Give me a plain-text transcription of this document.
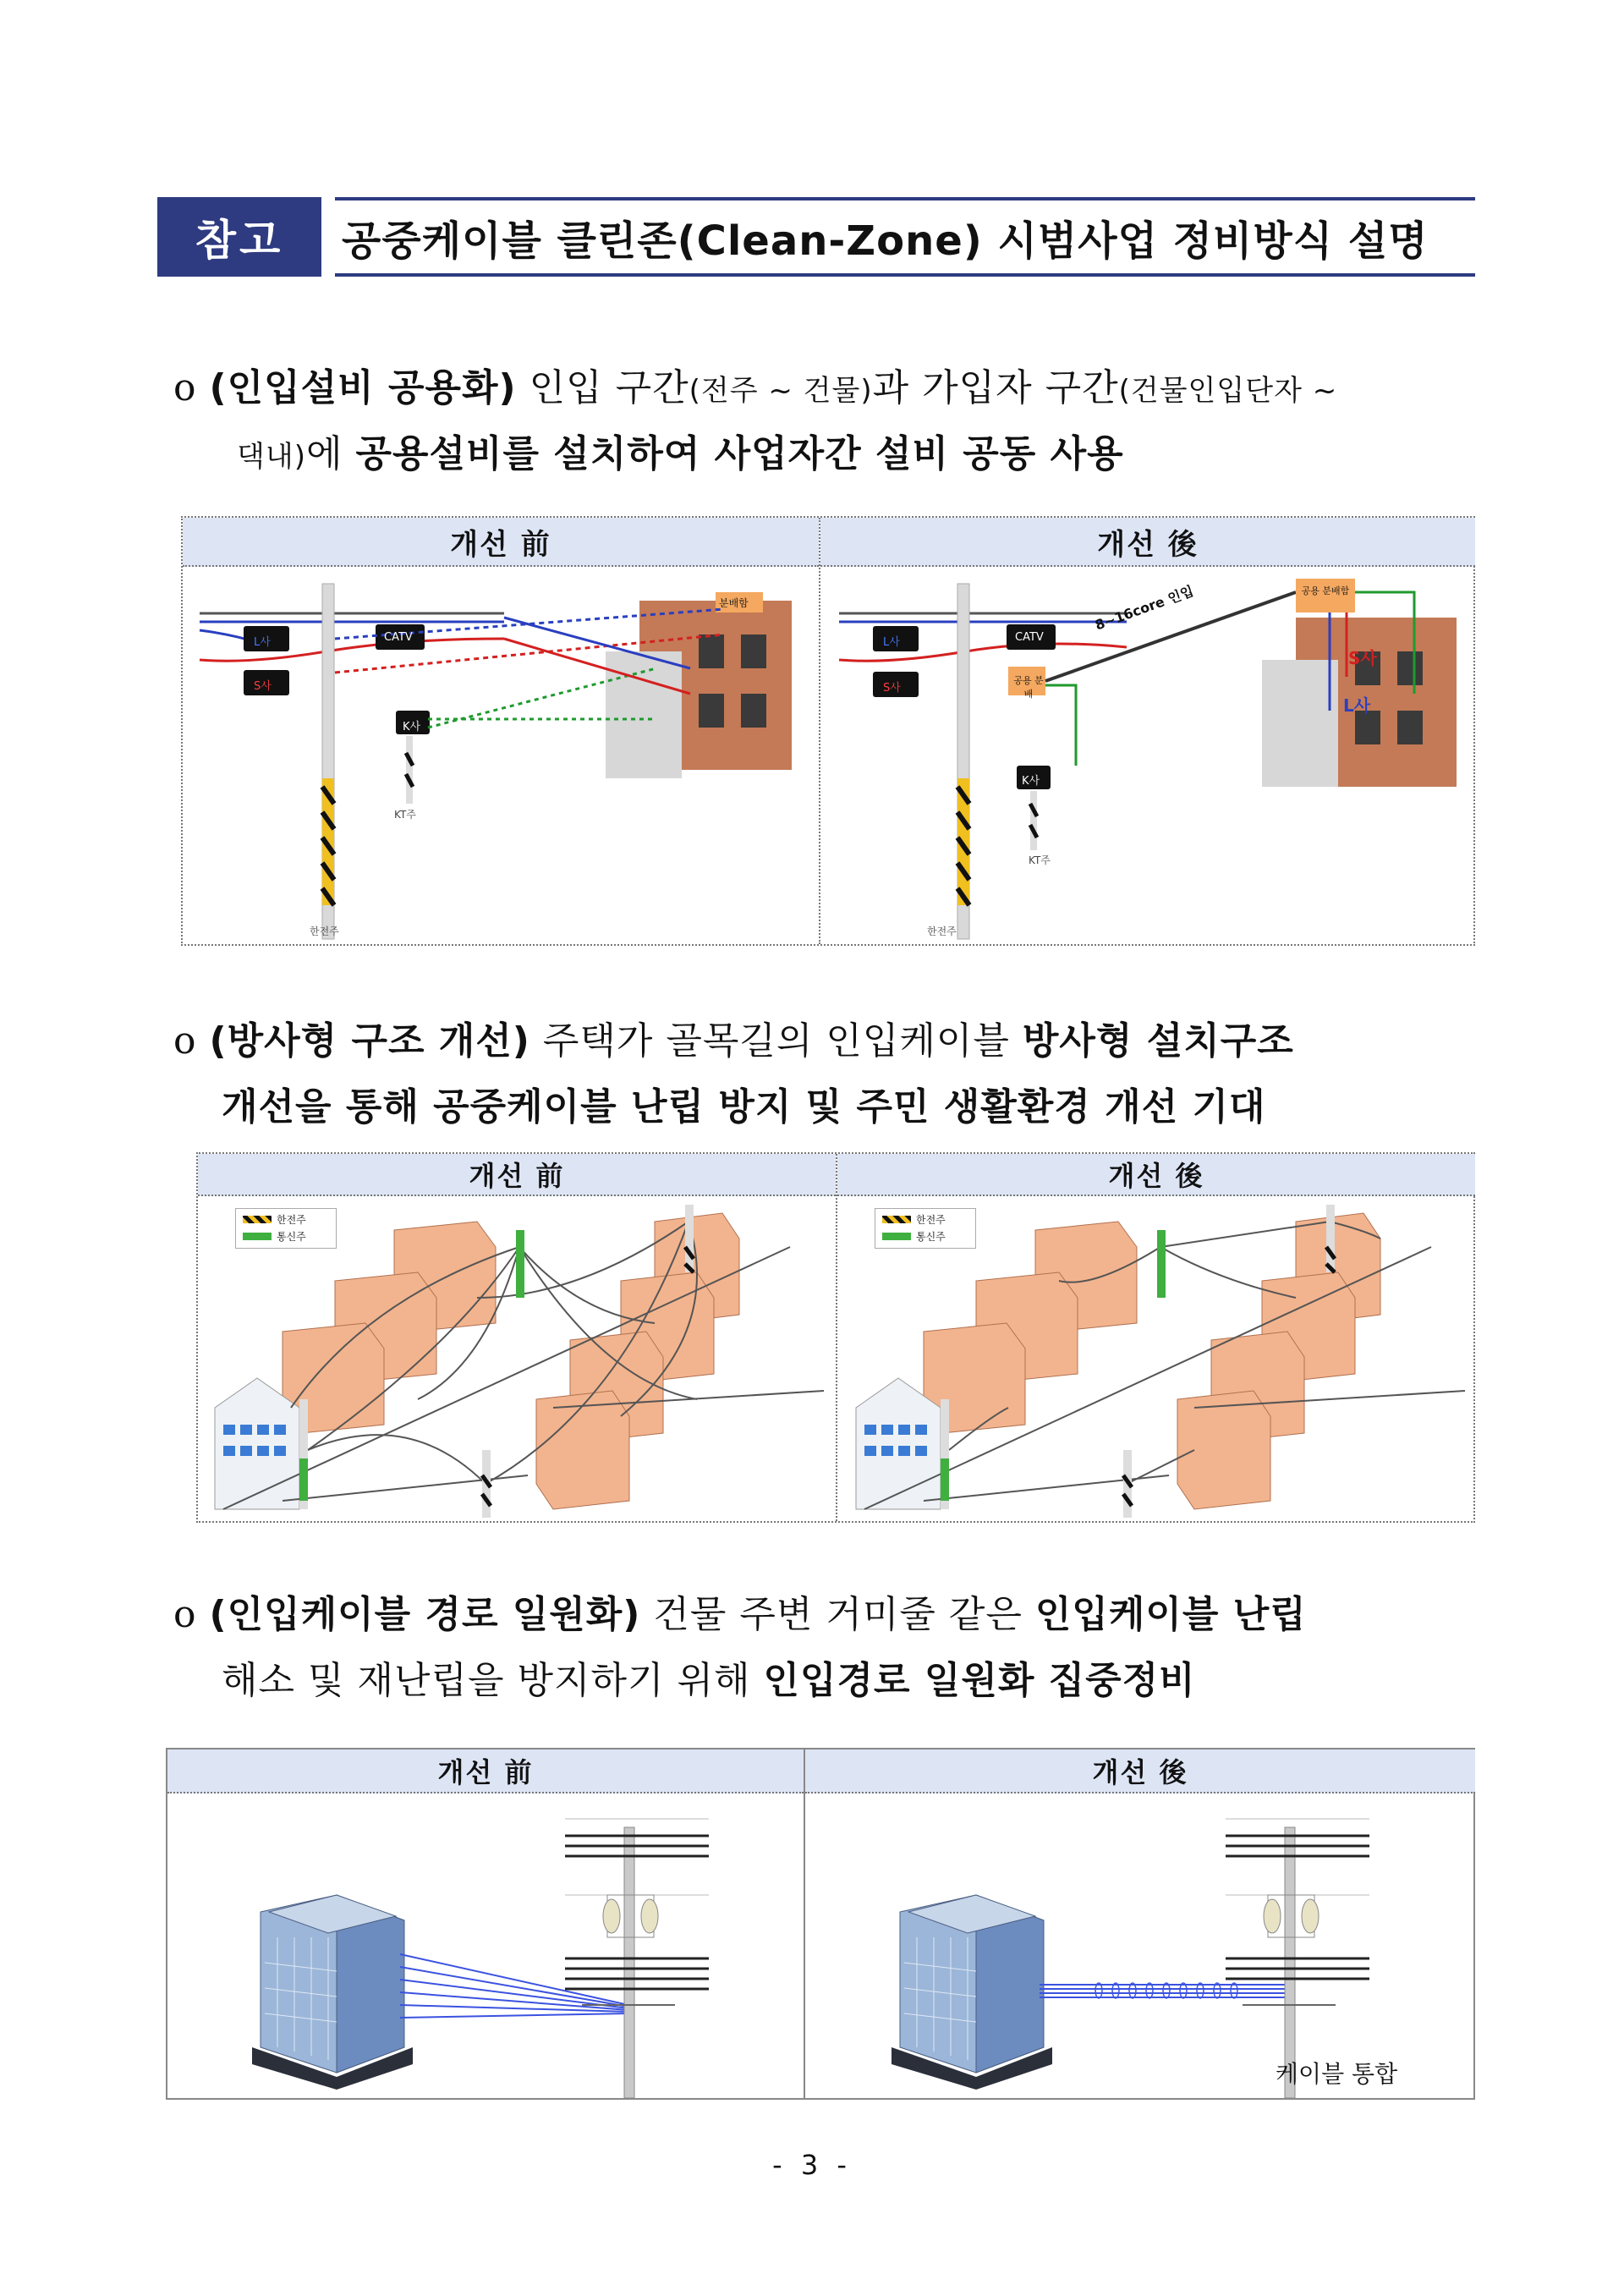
참고	공중케이블 클린존(Clean-Zone) 시범사업 정비방식 설명
o (인입설비 공용화) 인입 구간(전주 ~ 건물)과 가입자 구간(건물인입단자 ~
댁내)에 공용설비를 설치하여 사업자간 설비 공동 사용
개선 前	개선 後
L사	CATV
S사
K사
분배함
KT주
한전주
L사	CATV
S사
공용 분배
K사
KT주
한전주
8~16core 인입	공용 분배함
S사
L사
o (방사형 구조 개선) 주택가 골목길의 인입케이블 방사형 설치구조
개선을 통해 공중케이블 난립 방지 및 주민 생활환경 개선 기대
개선 前	개선 後
한전주
통신주
한전주
통신주
o (인입케이블 경로 일원화) 건물 주변 거미줄 같은 인입케이블 난립
해소 및 재난립을 방지하기 위해 인입경로 일원화 집중정비
개선 前	개선 後
케이블 통합
- 3 -
